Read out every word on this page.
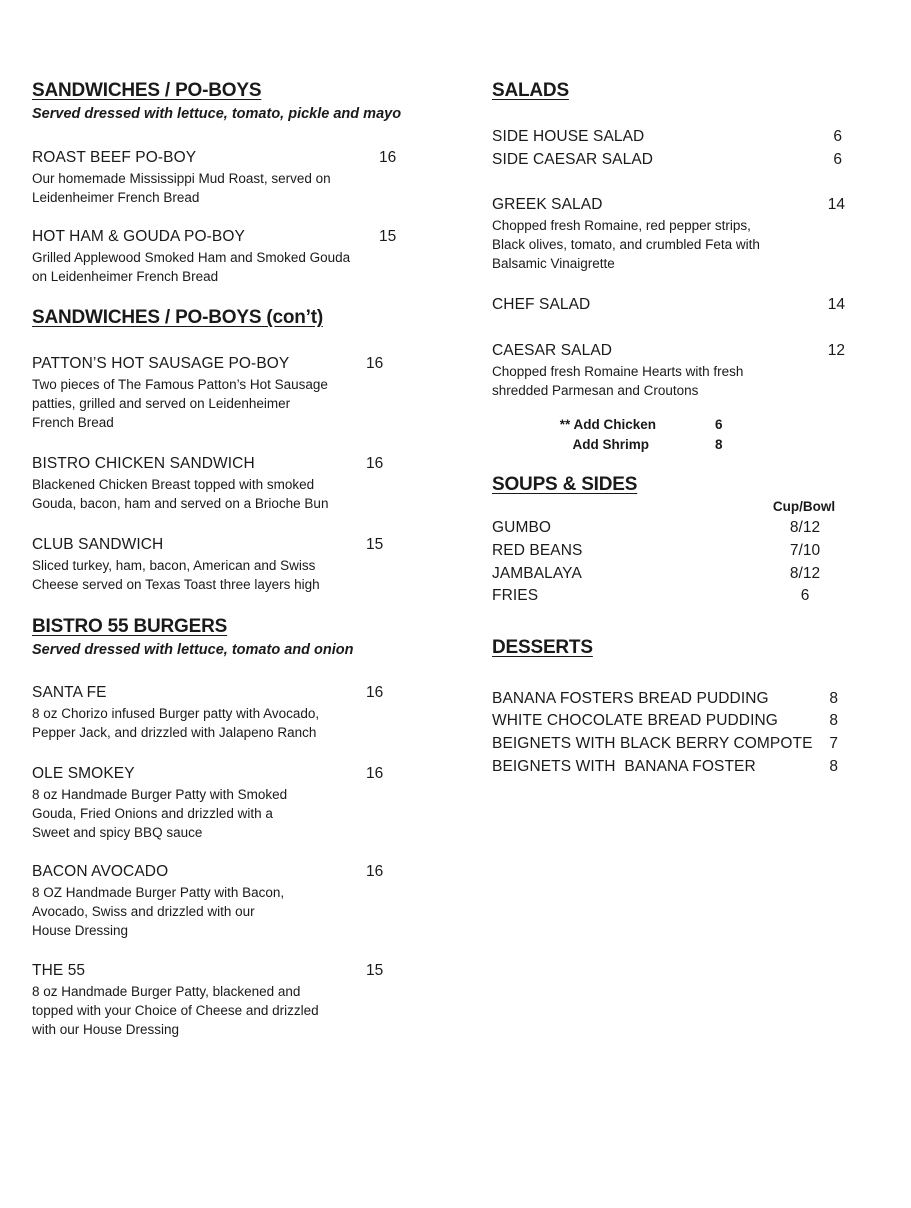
SANDWICHES / PO-BOYS
Served dressed with lettuce, tomato, pickle and mayo
ROAST BEEF PO-BOY
Our homemade Mississippi Mud Roast, served on
Leidenheimer French Bread
16
HOT HAM & GOUDA PO-BOY
Grilled Applewood Smoked Ham and Smoked Gouda
on Leidenheimer French Bread
15
SANDWICHES / PO-BOYS (con’t)
PATTON’S HOT SAUSAGE PO-BOY
Two pieces of The Famous Patton’s Hot Sausage
patties, grilled and served on Leidenheimer
French Bread
16
BISTRO CHICKEN SANDWICH
Blackened Chicken Breast topped with smoked
Gouda, bacon, ham and served on a Brioche Bun
16
CLUB SANDWICH
Sliced turkey, ham, bacon, American and Swiss
Cheese served on Texas Toast three layers high
15
BISTRO 55 BURGERS
Served dressed with lettuce, tomato and onion
SANTA FE
8 oz Chorizo infused Burger patty with Avocado,
Pepper Jack, and drizzled with Jalapeno Ranch
16
OLE SMOKEY
8 oz Handmade Burger Patty with Smoked
Gouda, Fried Onions and drizzled with a
Sweet and spicy BBQ sauce
16
BACON AVOCADO
8 OZ Handmade Burger Patty with Bacon,
Avocado, Swiss and drizzled with our
House Dressing
16
THE 55
8 oz Handmade Burger Patty, blackened and
topped with your Choice of Cheese and drizzled
with our House Dressing
15
SALADS
SIDE HOUSE SALAD	6
SIDE CAESAR SALAD	6
GREEK SALAD
Chopped fresh Romaine, red pepper strips,
Black olives, tomato, and crumbled Feta with
Balsamic Vinaigrette
14
CHEF SALAD	14
CAESAR SALAD
Chopped fresh Romaine Hearts with fresh
shredded Parmesan and Croutons
12
** Add Chicken	6
Add Shrimp	8
SOUPS & SIDES
Cup/Bowl
GUMBO	8/12
RED BEANS	7/10
JAMBALAYA	8/12
FRIES	6
DESSERTS
BANANA FOSTERS BREAD PUDDING	8
WHITE CHOCOLATE BREAD PUDDING	8
BEIGNETS WITH BLACK BERRY COMPOTE	7
BEIGNETS WITH  BANANA FOSTER	8
